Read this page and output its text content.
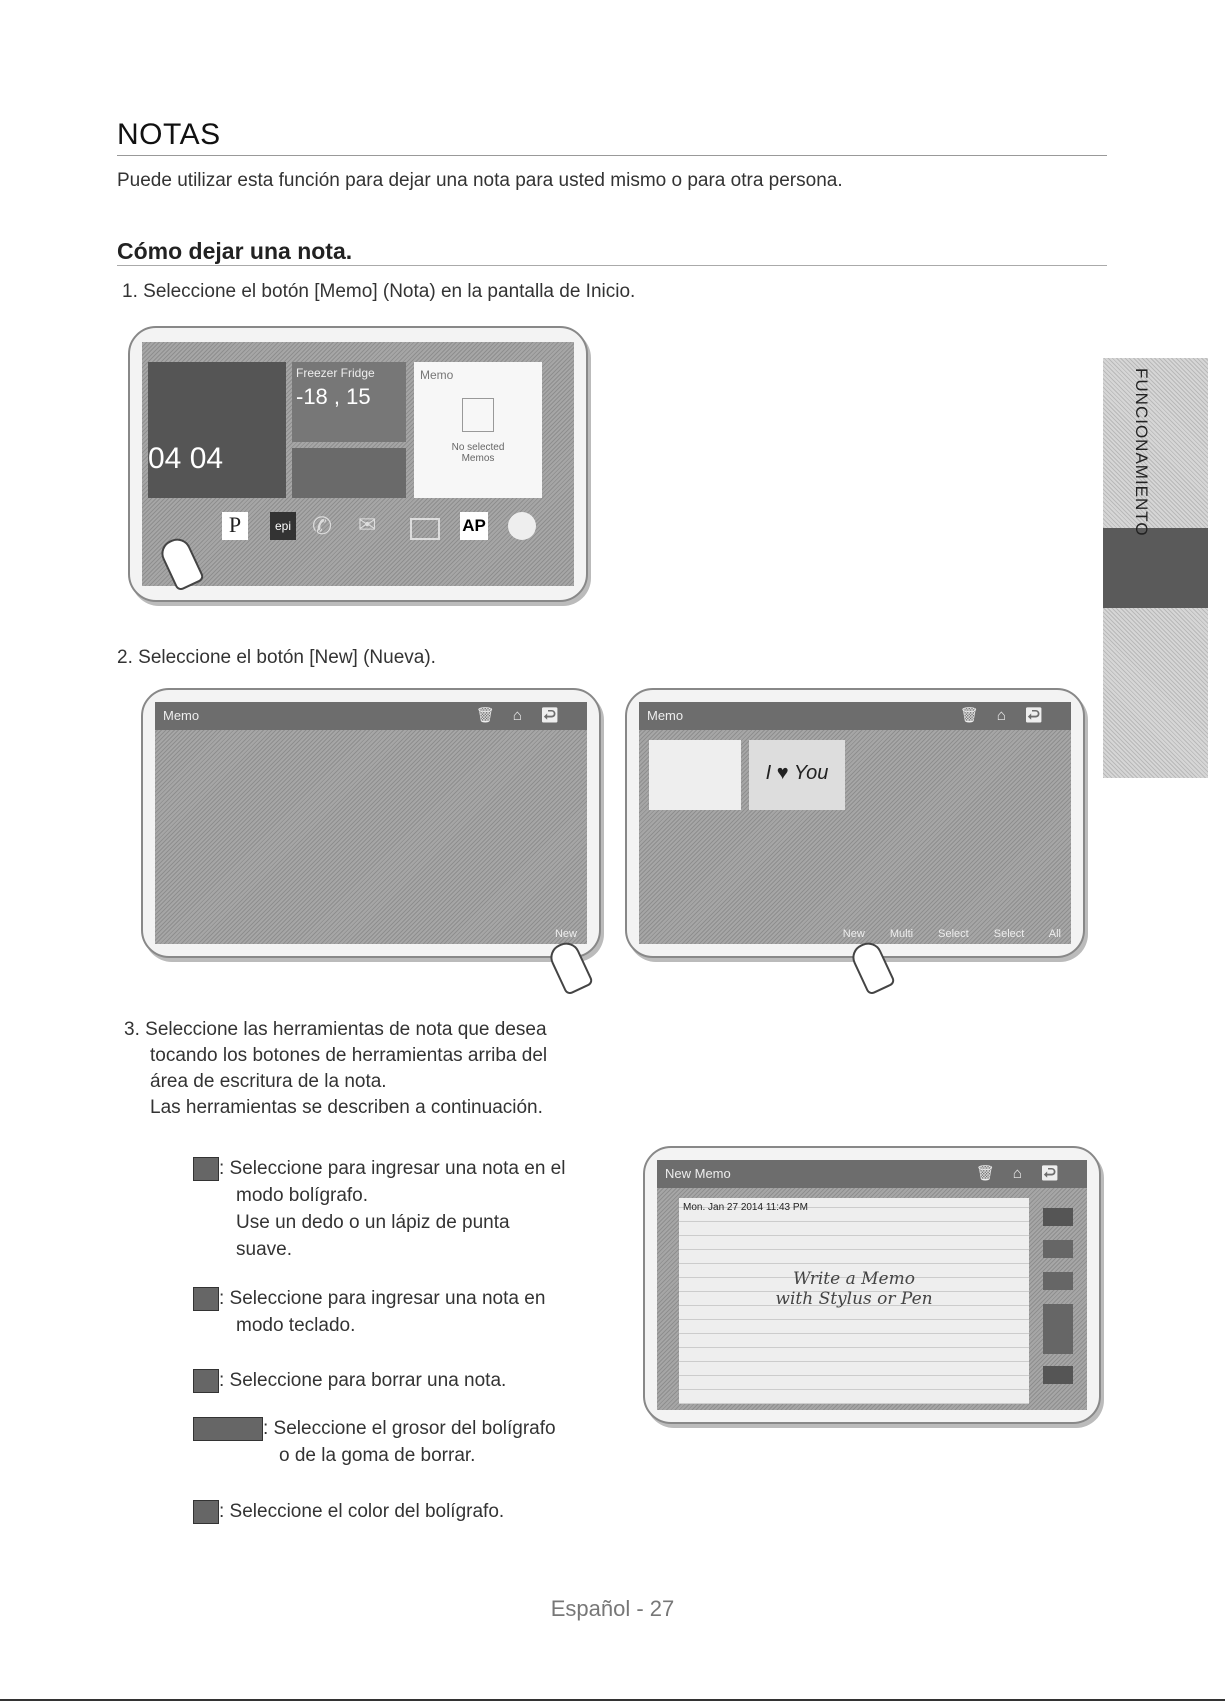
NOTAS
Puede utilizar esta función para dejar una nota para usted mismo o para otra persona.
Cómo dejar una nota.
FUNCIONAMIENTO
1. Seleccione el botón [Memo] (Nota) en la pantalla de Inicio.
04 04
Freezer Fridge
-18 , 15
Memo
No selected Memos
P	epi ✆ ✉	AP
2. Seleccione el botón [New] (Nueva).
Memo	🗑⌂↩
New
Memo	🗑⌂↩
I ♥ You
New Multi Select Select All
3. Seleccione las herramientas de nota que desea
tocando los botones de herramientas arriba del
área de escritura de la nota.
Las herramientas se describen a continuación.
: Seleccione para ingresar una nota en el
modo bolígrafo.
Use un dedo o un lápiz de punta
suave.
: Seleccione para ingresar una nota en
modo teclado.
: Seleccione para borrar una nota.
: Seleccione el grosor del bolígrafo
o de la goma de borrar.
: Seleccione el color del bolígrafo.
New Memo	🗑⌂↩
Mon. Jan 27 2014 11:43 PM
Write a Memo
with Stylus or Pen
Español - 27
